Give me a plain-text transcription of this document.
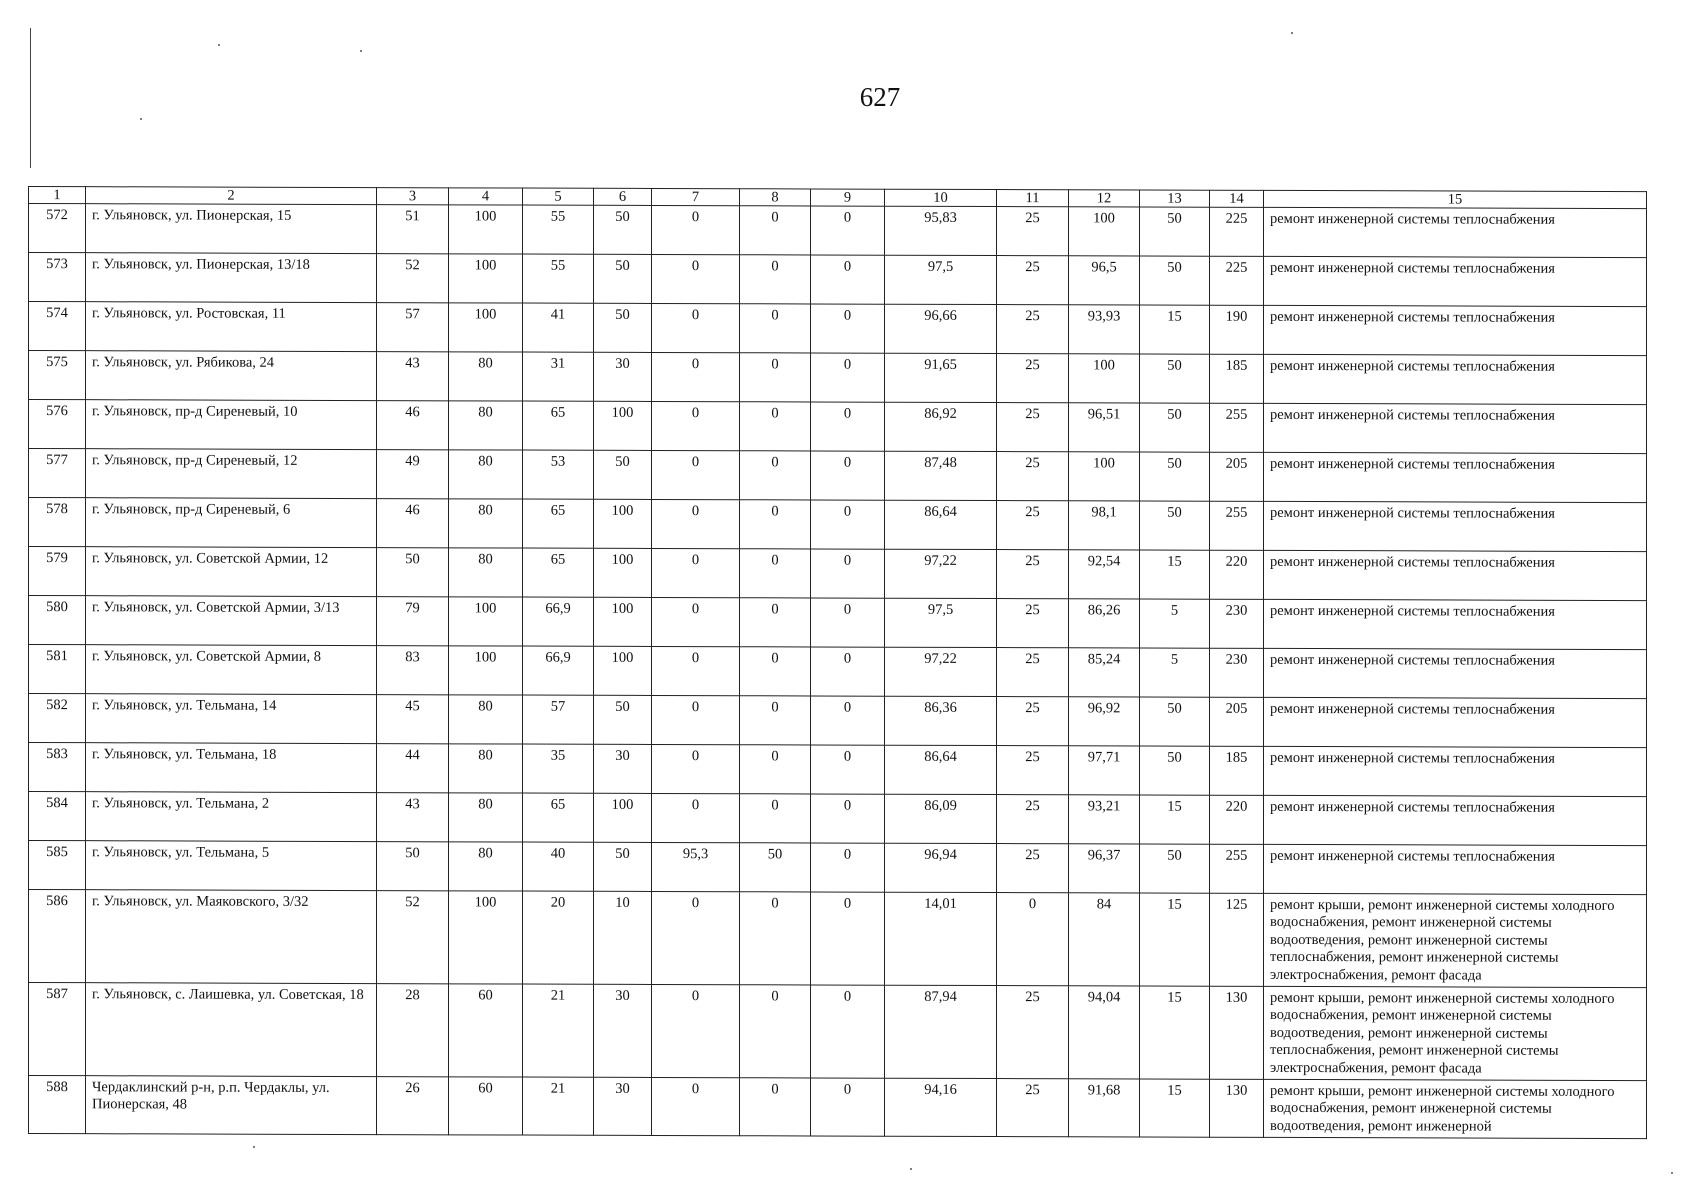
627
1	2	3	4	5	6	7	8	9	10	11	12	13	14	15
572	г. Ульяновск, ул. Пионерская, 15	51	100	55	50	0	0	0	95,83	25	100	50	225	ремонт инженерной системы теплоснабжения
573	г. Ульяновск, ул. Пионерская, 13/18	52	100	55	50	0	0	0	97,5	25	96,5	50	225	ремонт инженерной системы теплоснабжения
574	г. Ульяновск, ул. Ростовская, 11	57	100	41	50	0	0	0	96,66	25	93,93	15	190	ремонт инженерной системы теплоснабжения
575	г. Ульяновск, ул. Рябикова, 24	43	80	31	30	0	0	0	91,65	25	100	50	185	ремонт инженерной системы теплоснабжения
576	г. Ульяновск, пр-д Сиреневый, 10	46	80	65	100	0	0	0	86,92	25	96,51	50	255	ремонт инженерной системы теплоснабжения
577	г. Ульяновск, пр-д Сиреневый, 12	49	80	53	50	0	0	0	87,48	25	100	50	205	ремонт инженерной системы теплоснабжения
578	г. Ульяновск, пр-д Сиреневый, 6	46	80	65	100	0	0	0	86,64	25	98,1	50	255	ремонт инженерной системы теплоснабжения
579	г. Ульяновск, ул. Советской Армии, 12	50	80	65	100	0	0	0	97,22	25	92,54	15	220	ремонт инженерной системы теплоснабжения
580	г. Ульяновск, ул. Советской Армии, 3/13	79	100	66,9	100	0	0	0	97,5	25	86,26	5	230	ремонт инженерной системы теплоснабжения
581	г. Ульяновск, ул. Советской Армии, 8	83	100	66,9	100	0	0	0	97,22	25	85,24	5	230	ремонт инженерной системы теплоснабжения
582	г. Ульяновск, ул. Тельмана, 14	45	80	57	50	0	0	0	86,36	25	96,92	50	205	ремонт инженерной системы теплоснабжения
583	г. Ульяновск, ул. Тельмана, 18	44	80	35	30	0	0	0	86,64	25	97,71	50	185	ремонт инженерной системы теплоснабжения
584	г. Ульяновск, ул. Тельмана, 2	43	80	65	100	0	0	0	86,09	25	93,21	15	220	ремонт инженерной системы теплоснабжения
585	г. Ульяновск, ул. Тельмана, 5	50	80	40	50	95,3	50	0	96,94	25	96,37	50	255	ремонт инженерной системы теплоснабжения
586	г. Ульяновск, ул. Маяковского, 3/32	52	100	20	10	0	0	0	14,01	0	84	15	125	ремонт крыши, ремонт инженерной системы холодного водоснабжения, ремонт инженерной системы водоотведения, ремонт инженерной системы теплоснабжения, ремонт инженерной системы электроснабжения, ремонт фасада
587	г. Ульяновск, с. Лаишевка, ул. Советская, 18	28	60	21	30	0	0	0	87,94	25	94,04	15	130	ремонт крыши, ремонт инженерной системы холодного водоснабжения, ремонт инженерной системы водоотведения, ремонт инженерной системы теплоснабжения, ремонт инженерной системы электроснабжения, ремонт фасада
588	Чердаклинский р-н, р.п. Чердаклы, ул. Пионерская, 48	26	60	21	30	0	0	0	94,16	25	91,68	15	130	ремонт крыши, ремонт инженерной системы холодного водоснабжения, ремонт инженерной системы водоотведения, ремонт инженерной
